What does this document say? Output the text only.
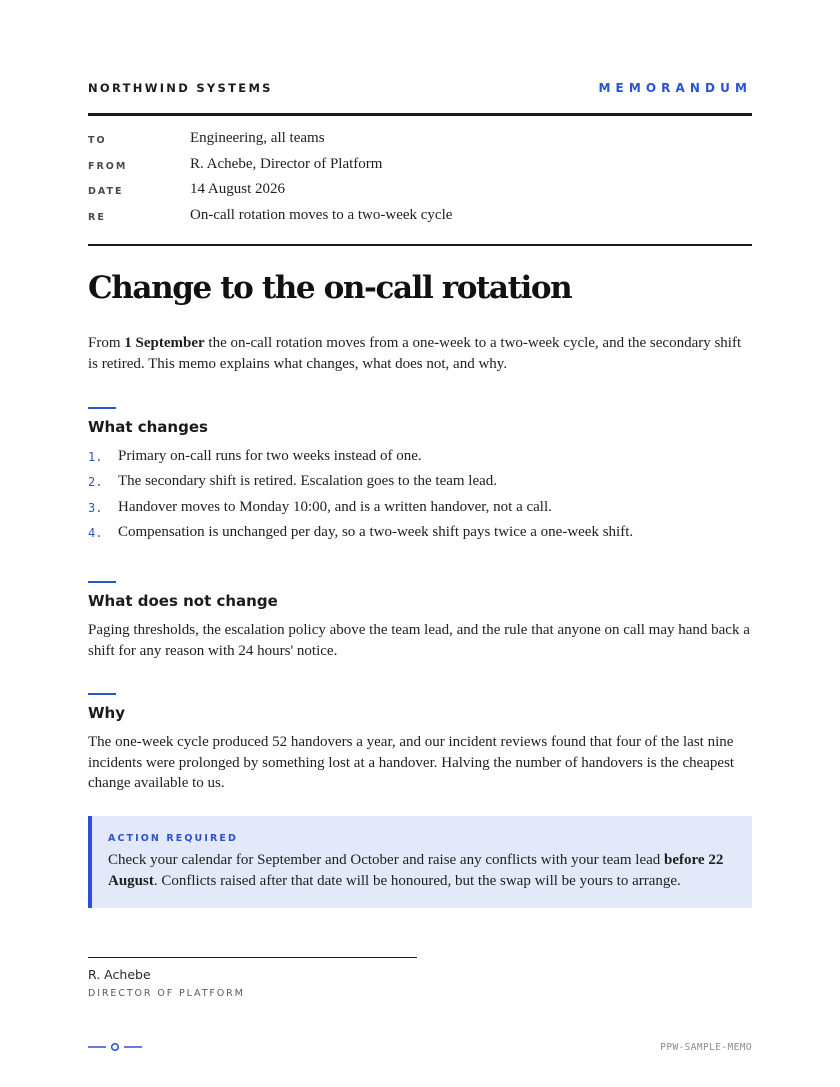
NORTHWIND SYSTEMS	MEMORANDUM
TO	Engineering, all teams
FROM	R. Achebe, Director of Platform
DATE	14 August 2026
RE	On-call rotation moves to a two-week cycle
Change to the on-call rotation

From 1 September the on-call rotation moves from a one-week to a two-week cycle, and the secondary shift is retired. This memo explains what changes, what does not, and why.

What changes
1. Primary on-call runs for two weeks instead of one.
2. The secondary shift is retired. Escalation goes to the team lead.
3. Handover moves to Monday 10:00, and is a written handover, not a call.
4. Compensation is unchanged per day, so a two-week shift pays twice a one-week shift.
What does not change

Paging thresholds, the escalation policy above the team lead, and the rule that anyone on call may hand back a shift for any reason with 24 hours' notice.

Why

The one-week cycle produced 52 handovers a year, and our incident reviews found that four of the last nine incidents were prolonged by something lost at a handover. Halving the number of handovers is the cheapest change available to us.

ACTION REQUIRED

Check your calendar for September and October and raise any conflicts with your team lead before 22 August. Conflicts raised after that date will be honoured, but the swap will be yours to arrange.

R. Achebe
DIRECTOR OF PLATFORM
PPW-SAMPLE-MEMO
